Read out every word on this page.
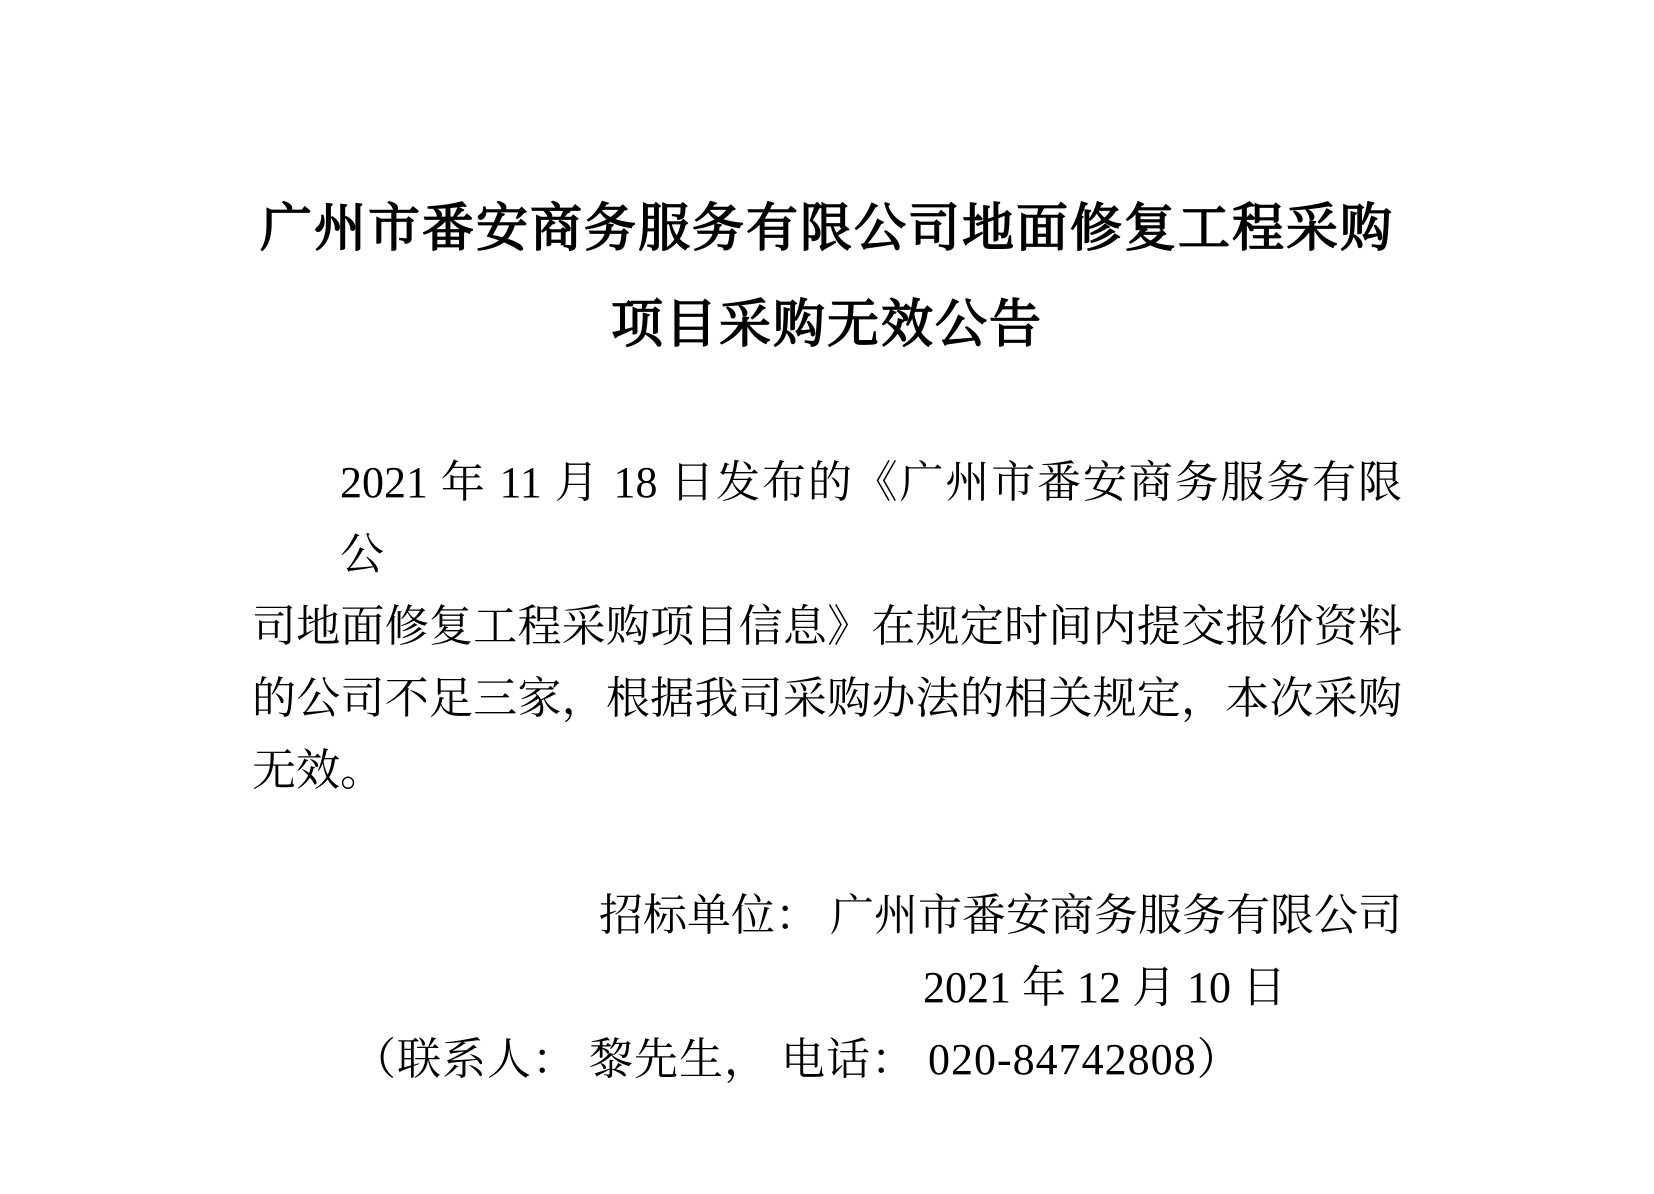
广州市番安商务服务有限公司地面修复工程采购
项目采购无效公告
2021 年 11 月 18 日发布的《广州市番安商务服务有限公
司地面修复工程采购项目信息》在规定时间内提交报价资料
的公司不足三家，根据我司采购办法的相关规定，本次采购
无效。
招标单位： 广州市番安商务服务有限公司
2021 年 12 月 10 日
（联系人： 黎先生， 电话： 020-84742808）
